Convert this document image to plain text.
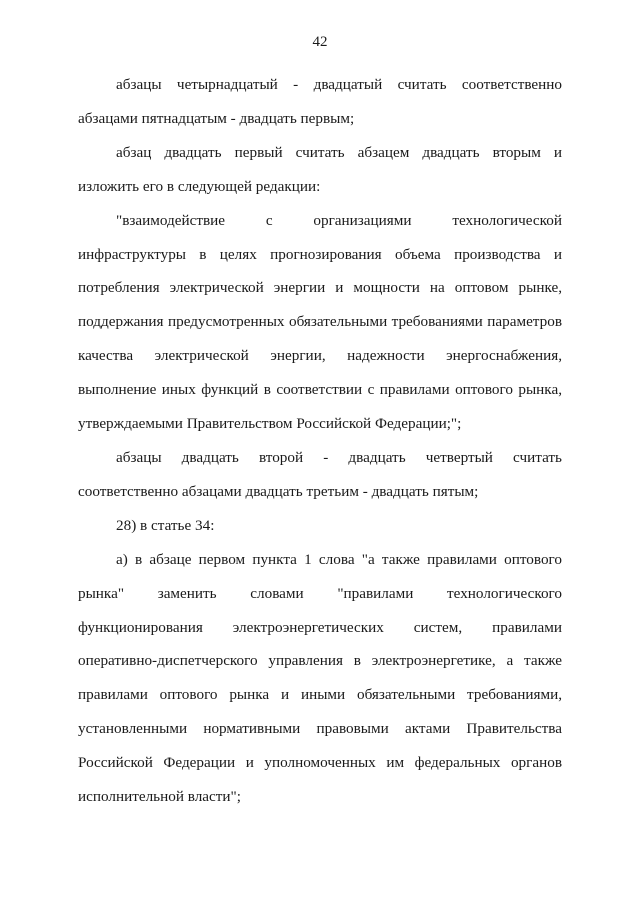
42

абзацы четырнадцатый - двадцатый считать соответственно абзацами пятнадцатым - двадцать первым;

абзац двадцать первый считать абзацем двадцать вторым и изложить его в следующей редакции:

"взаимодействие с организациями технологической инфраструктуры в целях прогнозирования объема производства и потребления электрической энергии и мощности на оптовом рынке, поддержания предусмотренных обязательными требованиями параметров качества электрической энергии, надежности энергоснабжения, выполнение иных функций в соответствии с правилами оптового рынка, утверждаемыми Правительством Российской Федерации;";

абзацы двадцать второй - двадцать четвертый считать соответственно абзацами двадцать третьим - двадцать пятым;

28) в статье 34:

а) в абзаце первом пункта 1 слова "а также правилами оптового рынка" заменить словами "правилами технологического функционирования электроэнергетических систем, правилами оперативно-диспетчерского управления в электроэнергетике, а также правилами оптового рынка и иными обязательными требованиями, установленными нормативными правовыми актами Правительства Российской Федерации и уполномоченных им федеральных органов исполнительной власти";
